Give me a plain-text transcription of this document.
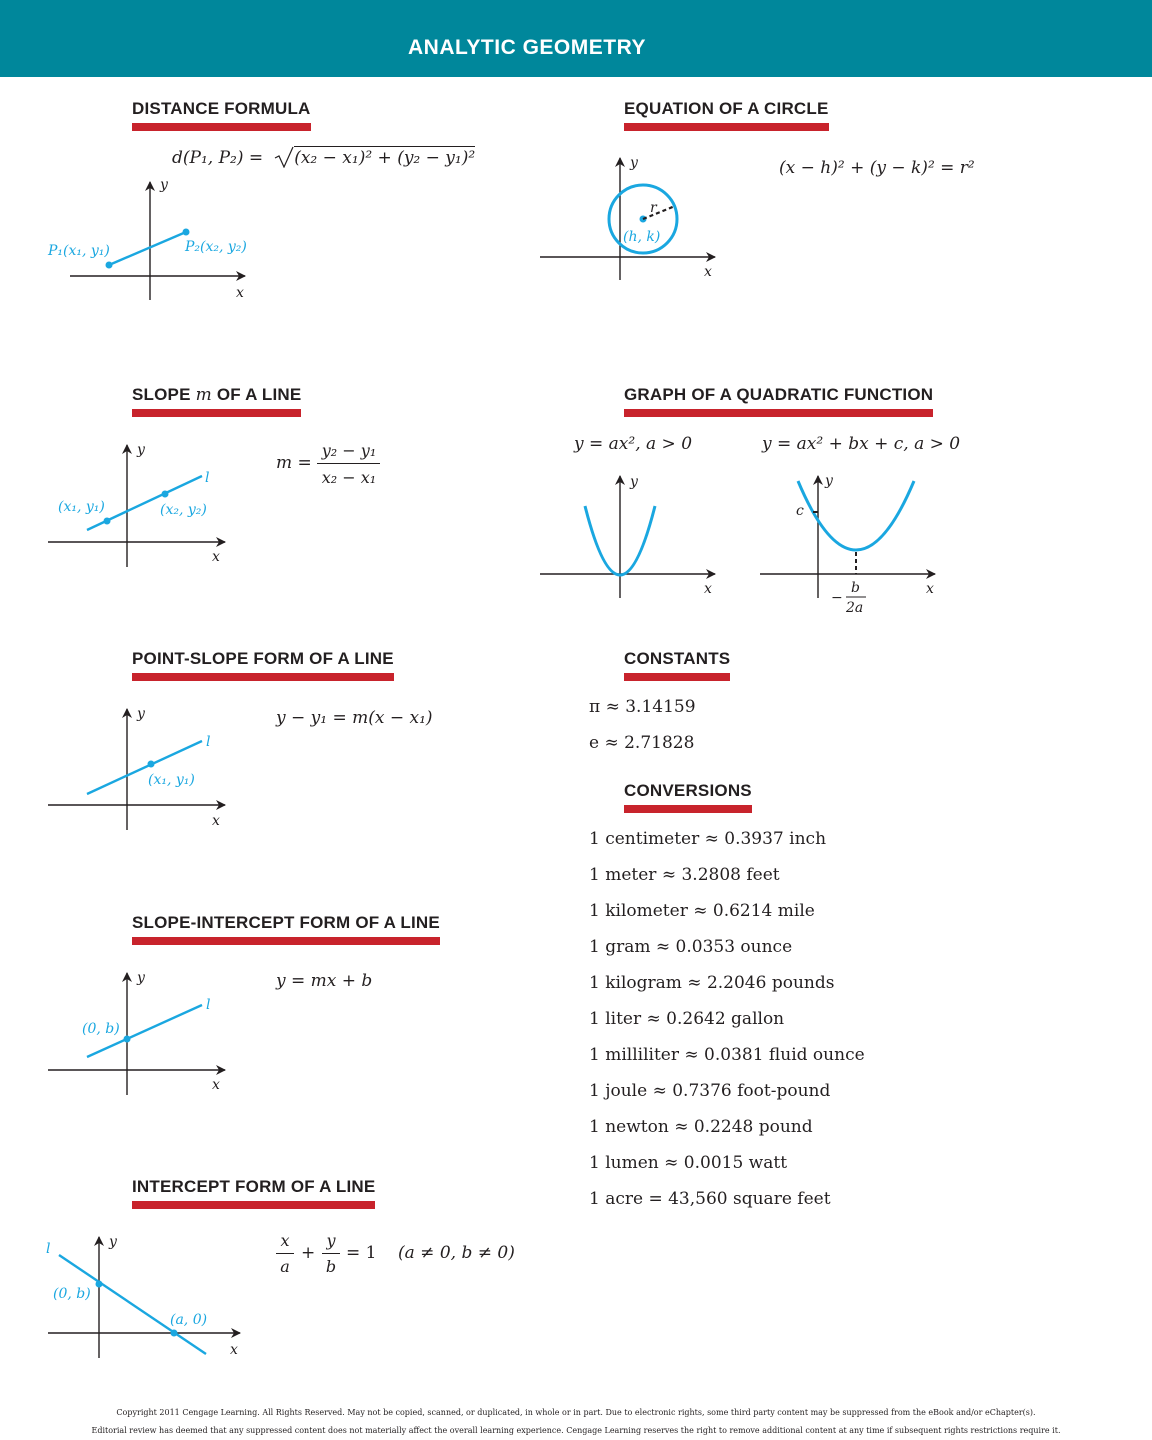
ANALYTIC GEOMETRY
DISTANCE FORMULA
d(P₁, P₂) = (x₂ − x₁)² + (y₂ − y₁)²
y
x
P₁(x₁, y₁)	P₂(x₂, y₂)
EQUATION OF A CIRCLE
(x − h)² + (y − k)² = r²
y
x
r
(h, k)
SLOPE m OF A LINE
m =
y₂ − y₁
x₂ − x₁
y
x
l
(x₁, y₁)	(x₂, y₂)
GRAPH OF A QUADRATIC FUNCTION
y = ax², a > 0	y = ax² + bx + c, a > 0
y
x
y
x
c
−
b
2a
POINT-SLOPE FORM OF A LINE
y − y₁ = m(x − x₁)
y
x
l
(x₁, y₁)
CONSTANTS
π ≈ 3.14159
e ≈ 2.71828
CONVERSIONS
1 centimeter ≈ 0.3937 inch
1 meter ≈ 3.2808 feet
1 kilometer ≈ 0.6214 mile
1 gram ≈ 0.0353 ounce
1 kilogram ≈ 2.2046 pounds
1 liter ≈ 0.2642 gallon
1 milliliter ≈ 0.0381 fluid ounce
1 joule ≈ 0.7376 foot-pound
1 newton ≈ 0.2248 pound
1 lumen ≈ 0.0015 watt
1 acre = 43,560 square feet
SLOPE-INTERCEPT FORM OF A LINE
y = mx + b
y
x
l
(0, b)
INTERCEPT FORM OF A LINE
x
a
+
y
b
= 1 (a ≠ 0, b ≠ 0)
y
x
l
(0, b)
(a, 0)
Copyright 2011 Cengage Learning. All Rights Reserved. May not be copied, scanned, or duplicated, in whole or in part. Due to electronic rights, some third party content may be suppressed from the eBook and/or eChapter(s).
Editorial review has deemed that any suppressed content does not materially affect the overall learning experience. Cengage Learning reserves the right to remove additional content at any time if subsequent rights restrictions require it.
